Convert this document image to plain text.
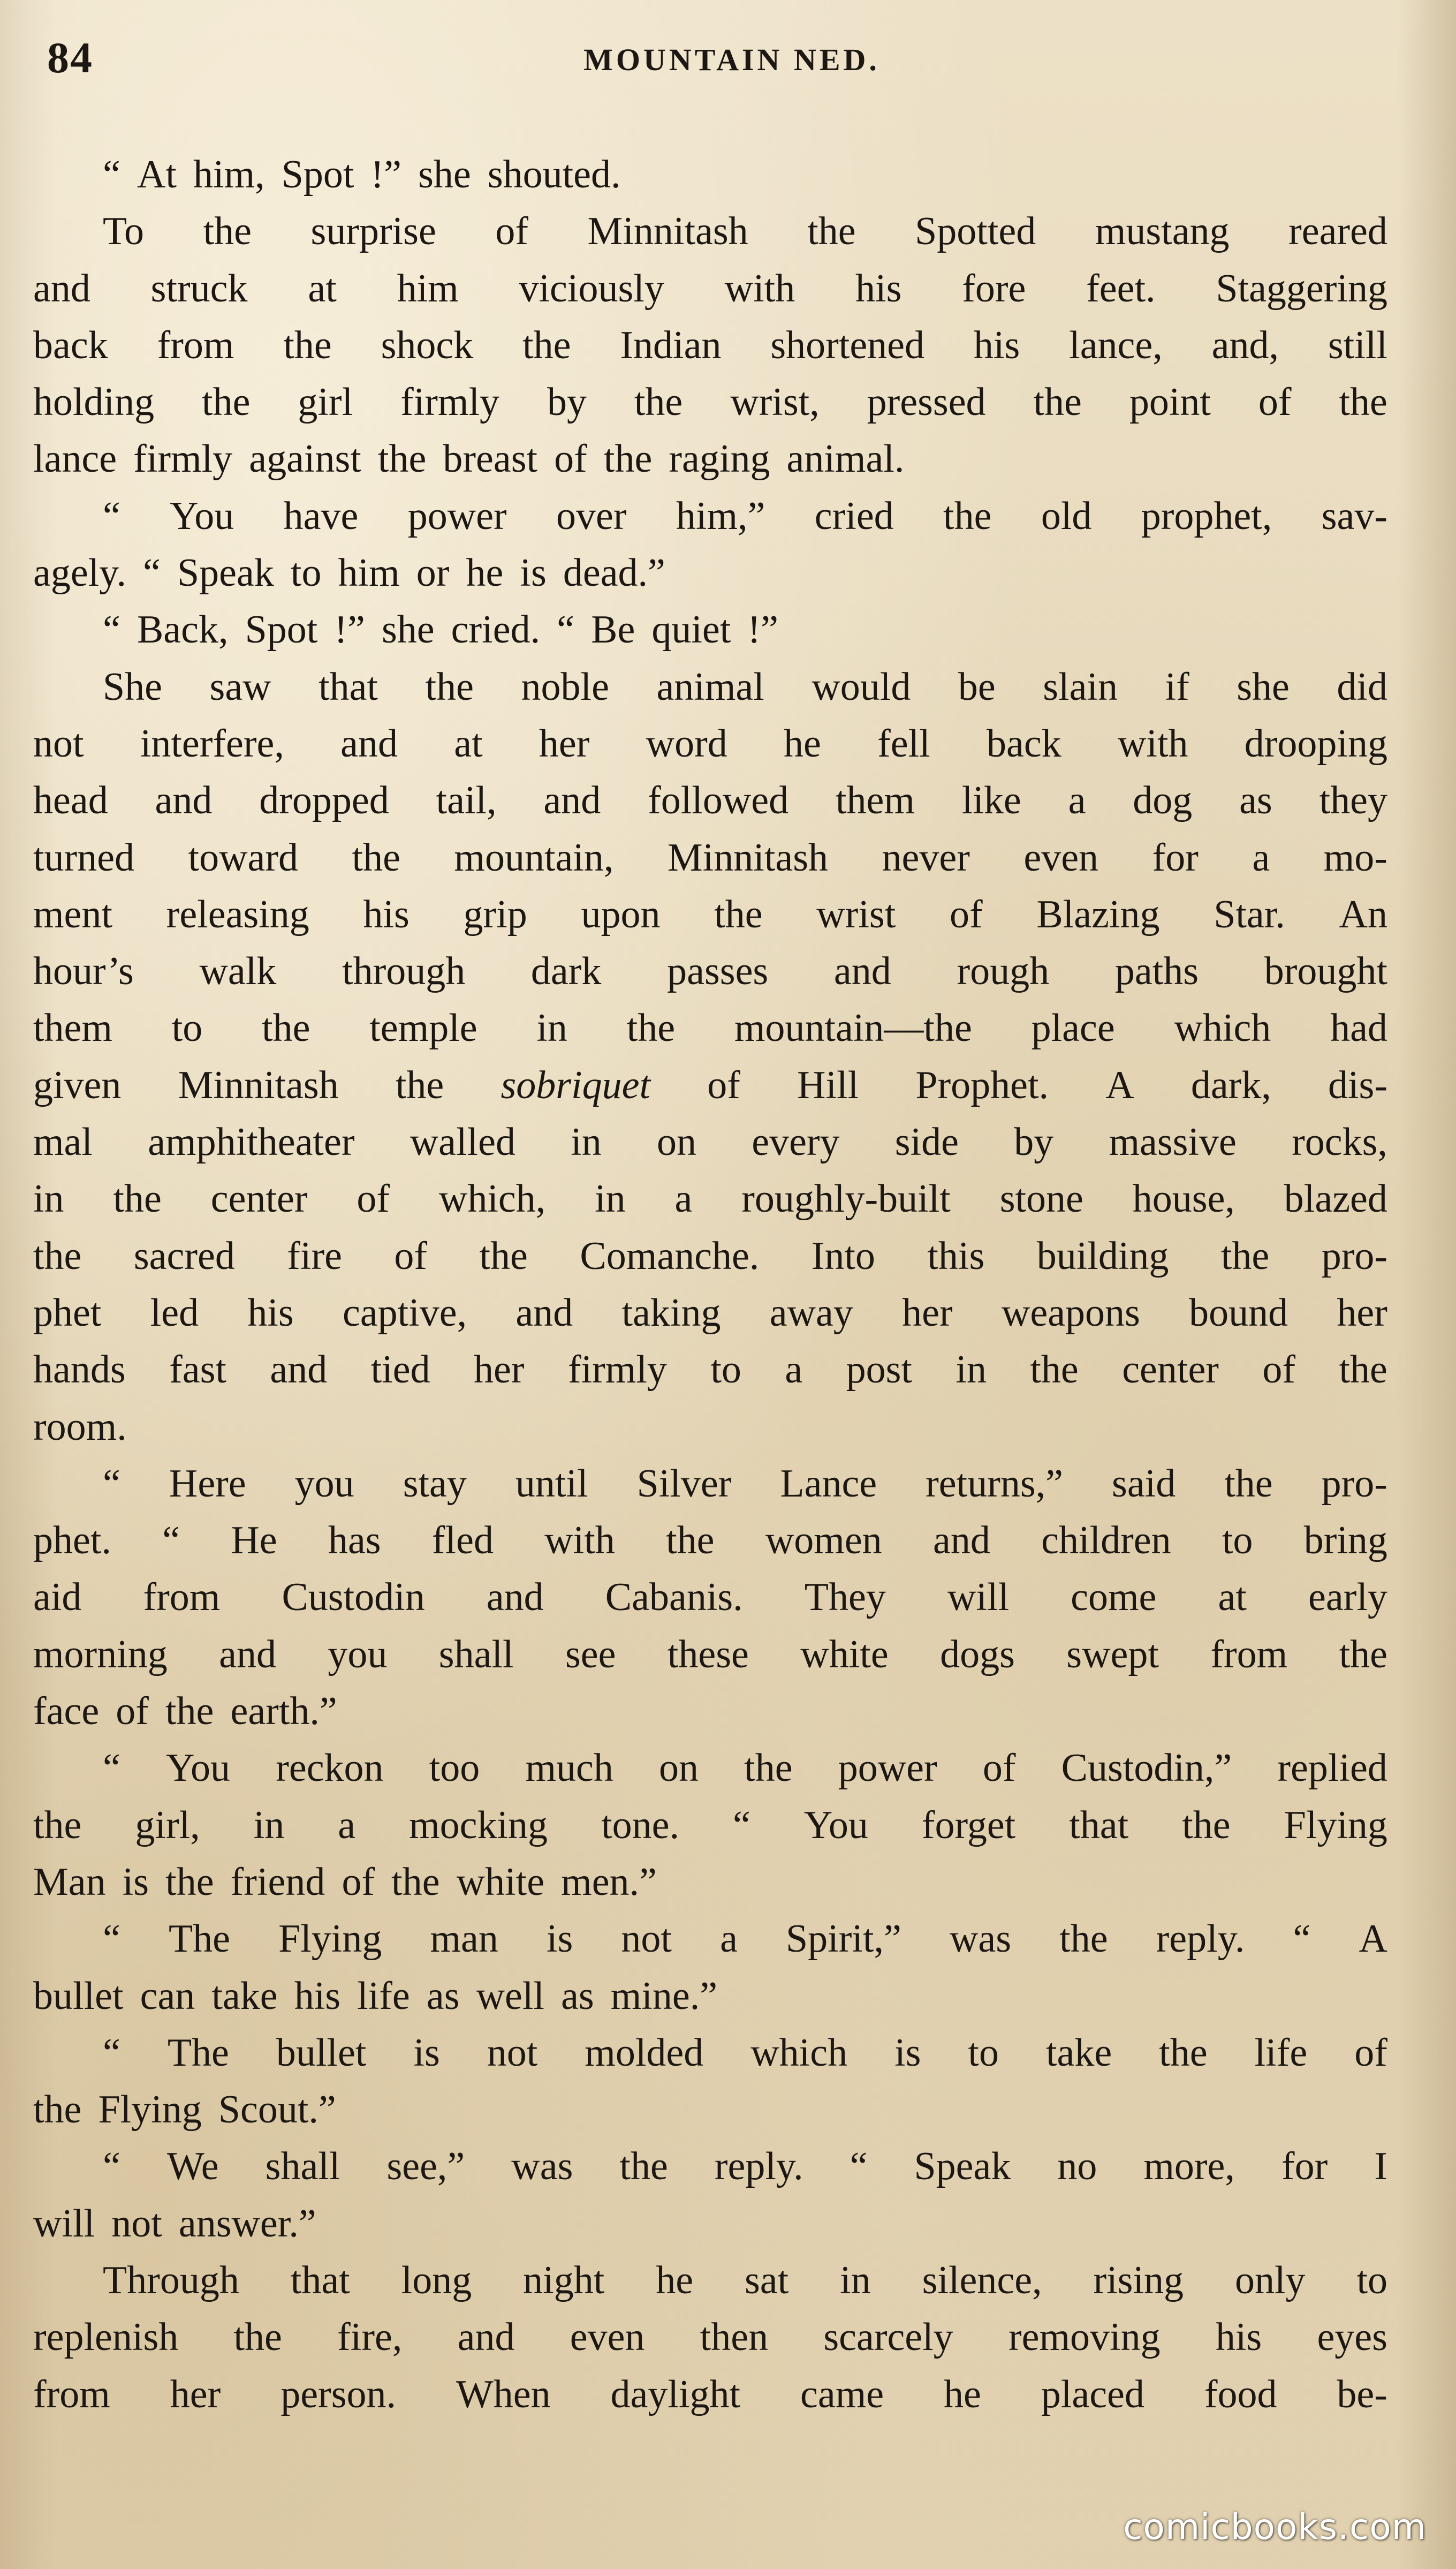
84	MOUNTAIN NED.
“ At him, Spot !” she shouted.
To the surprise of Minnitash the Spotted mustang reared
and struck at him viciously with his fore feet. Staggering
back from the shock the Indian shortened his lance, and, still
holding the girl firmly by the wrist, pressed the point of the
lance firmly against the breast of the raging animal.
“ You have power over him,” cried the old prophet, sav-
agely. “ Speak to him or he is dead.”
“ Back, Spot !” she cried. “ Be quiet !”
She saw that the noble animal would be slain if she did
not interfere, and at her word he fell back with drooping
head and dropped tail, and followed them like a dog as they
turned toward the mountain, Minnitash never even for a mo-
ment releasing his grip upon the wrist of Blazing Star. An
hour’s walk through dark passes and rough paths brought
them to the temple in the mountain—the place which had
given Minnitash the sobriquet of Hill Prophet. A dark, dis-
mal amphitheater walled in on every side by massive rocks,
in the center of which, in a roughly-built stone house, blazed
the sacred fire of the Comanche. Into this building the pro-
phet led his captive, and taking away her weapons bound her
hands fast and tied her firmly to a post in the center of the
room.
“ Here you stay until Silver Lance returns,” said the pro-
phet. “ He has fled with the women and children to bring
aid from Custodin and Cabanis. They will come at early
morning and you shall see these white dogs swept from the
face of the earth.”
“ You reckon too much on the power of Custodin,” replied
the girl, in a mocking tone. “ You forget that the Flying
Man is the friend of the white men.”
“ The Flying man is not a Spirit,” was the reply. “ A
bullet can take his life as well as mine.”
“ The bullet is not molded which is to take the life of
the Flying Scout.”
“ We shall see,” was the reply. “ Speak no more, for I
will not answer.”
Through that long night he sat in silence, rising only to
replenish the fire, and even then scarcely removing his eyes
from her person. When daylight came he placed food be-
comicbooks.com
